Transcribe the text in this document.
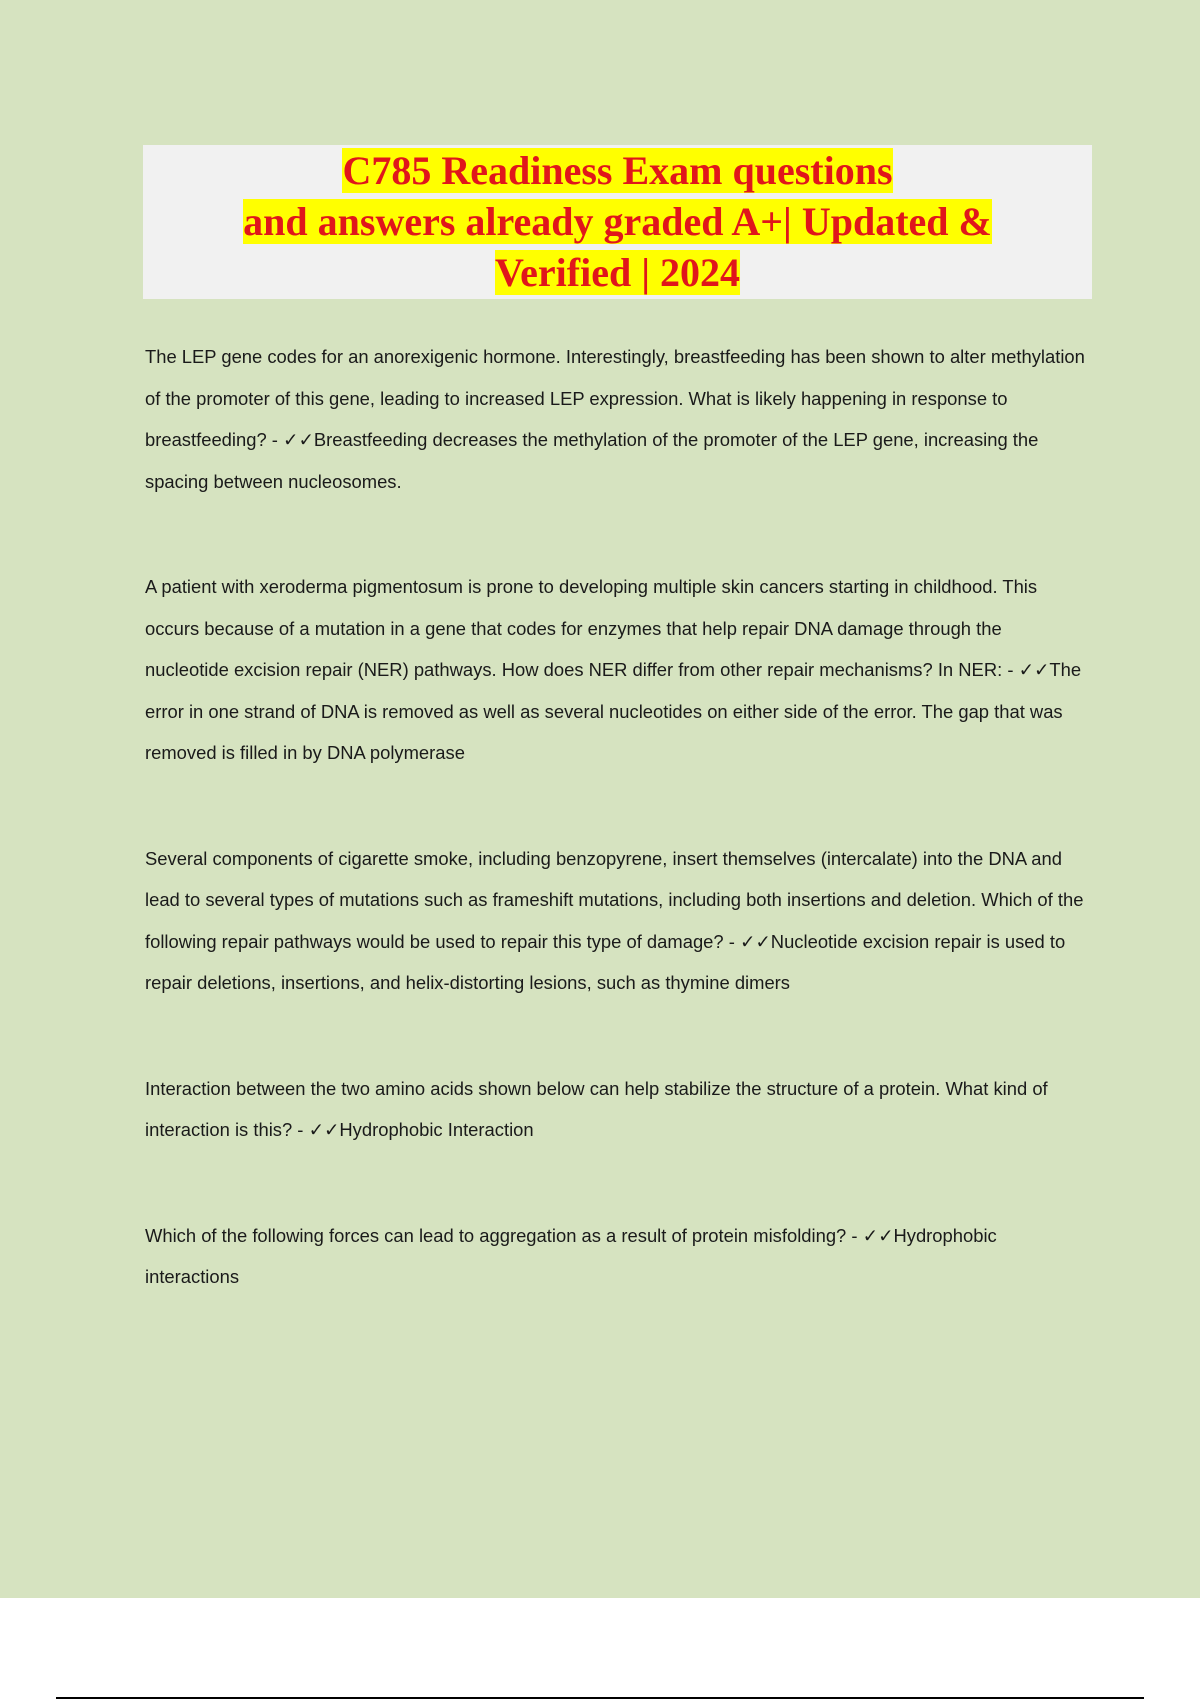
C785 Readiness Exam questions
and answers already graded A+| Updated &
Verified | 2024

The LEP gene codes for an anorexigenic hormone. Interestingly, breastfeeding has been shown to alter methylation of the promoter of this gene, leading to increased LEP expression. What is likely happening in response to breastfeeding? - ✓✓Breastfeeding decreases the methylation of the promoter of the LEP gene, increasing the spacing between nucleosomes.

A patient with xeroderma pigmentosum is prone to developing multiple skin cancers starting in childhood. This occurs because of a mutation in a gene that codes for enzymes that help repair DNA damage through the nucleotide excision repair (NER) pathways. How does NER differ from other repair mechanisms? In NER: - ✓✓The error in one strand of DNA is removed as well as several nucleotides on either side of the error. The gap that was removed is filled in by DNA polymerase

Several components of cigarette smoke, including benzopyrene, insert themselves (intercalate) into the DNA and lead to several types of mutations such as frameshift mutations, including both insertions and deletion. Which of the following repair pathways would be used to repair this type of damage? - ✓✓Nucleotide excision repair is used to repair deletions, insertions, and helix-distorting lesions, such as thymine dimers

Interaction between the two amino acids shown below can help stabilize the structure of a protein. What kind of interaction is this? - ✓✓Hydrophobic Interaction

Which of the following forces can lead to aggregation as a result of protein misfolding? - ✓✓Hydrophobic interactions
